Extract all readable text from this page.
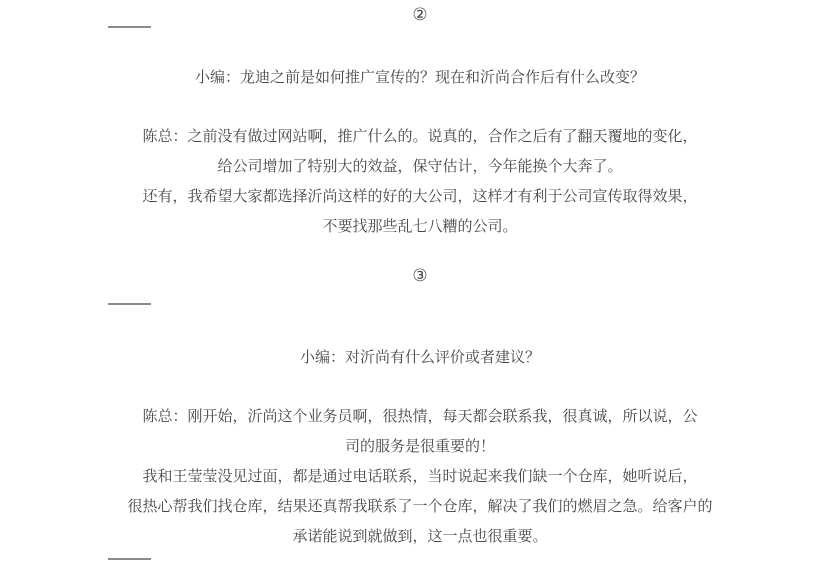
②
小编：龙迪之前是如何推广宣传的？现在和沂尚合作后有什么改变？
陈总：之前没有做过网站啊，推广什么的。说真的，合作之后有了翻天覆地的变化，
给公司增加了特别大的效益，保守估计，今年能换个大奔了。
还有，我希望大家都选择沂尚这样的好的大公司，这样才有利于公司宣传取得效果，
不要找那些乱七八糟的公司。
③
小编：对沂尚有什么评价或者建议？
陈总：刚开始，沂尚这个业务员啊，很热情，每天都会联系我，很真诚，所以说，公
司的服务是很重要的！
我和王莹莹没见过面，都是通过电话联系，当时说起来我们缺一个仓库，她听说后，
很热心帮我们找仓库，结果还真帮我联系了一个仓库，解决了我们的燃眉之急。给客户的
承诺能说到就做到，这一点也很重要。
